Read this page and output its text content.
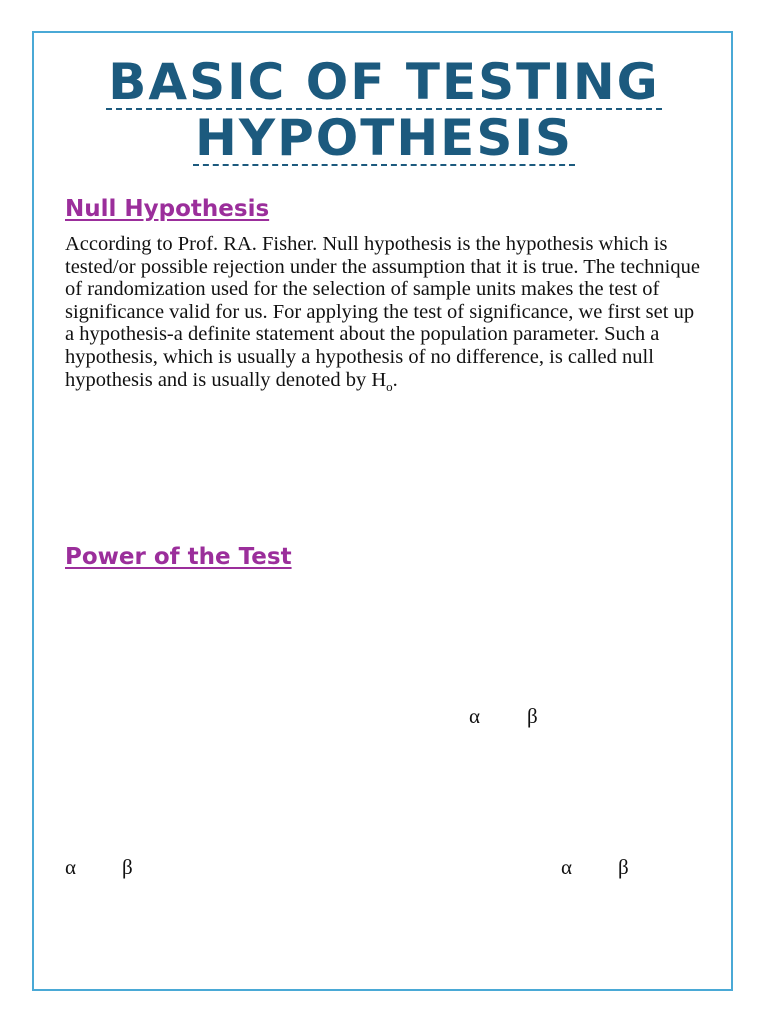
BASIC OF TESTING
HYPOTHESIS
Null Hypothesis

According to Prof. RA. Fisher. Null hypothesis is the hypothesis which is tested/or possible rejection under the assumption that it is true. The technique of randomization used for the selection of sample units makes the test of significance valid for us. For applying the test of significance, we first set up a hypothesis-a definite statement about the population parameter. Such a hypothesis, which is usually a hypothesis of no difference, is called null hypothesis and is usually denoted by $H_o$.

Power of the Test
α β
α β	α β
